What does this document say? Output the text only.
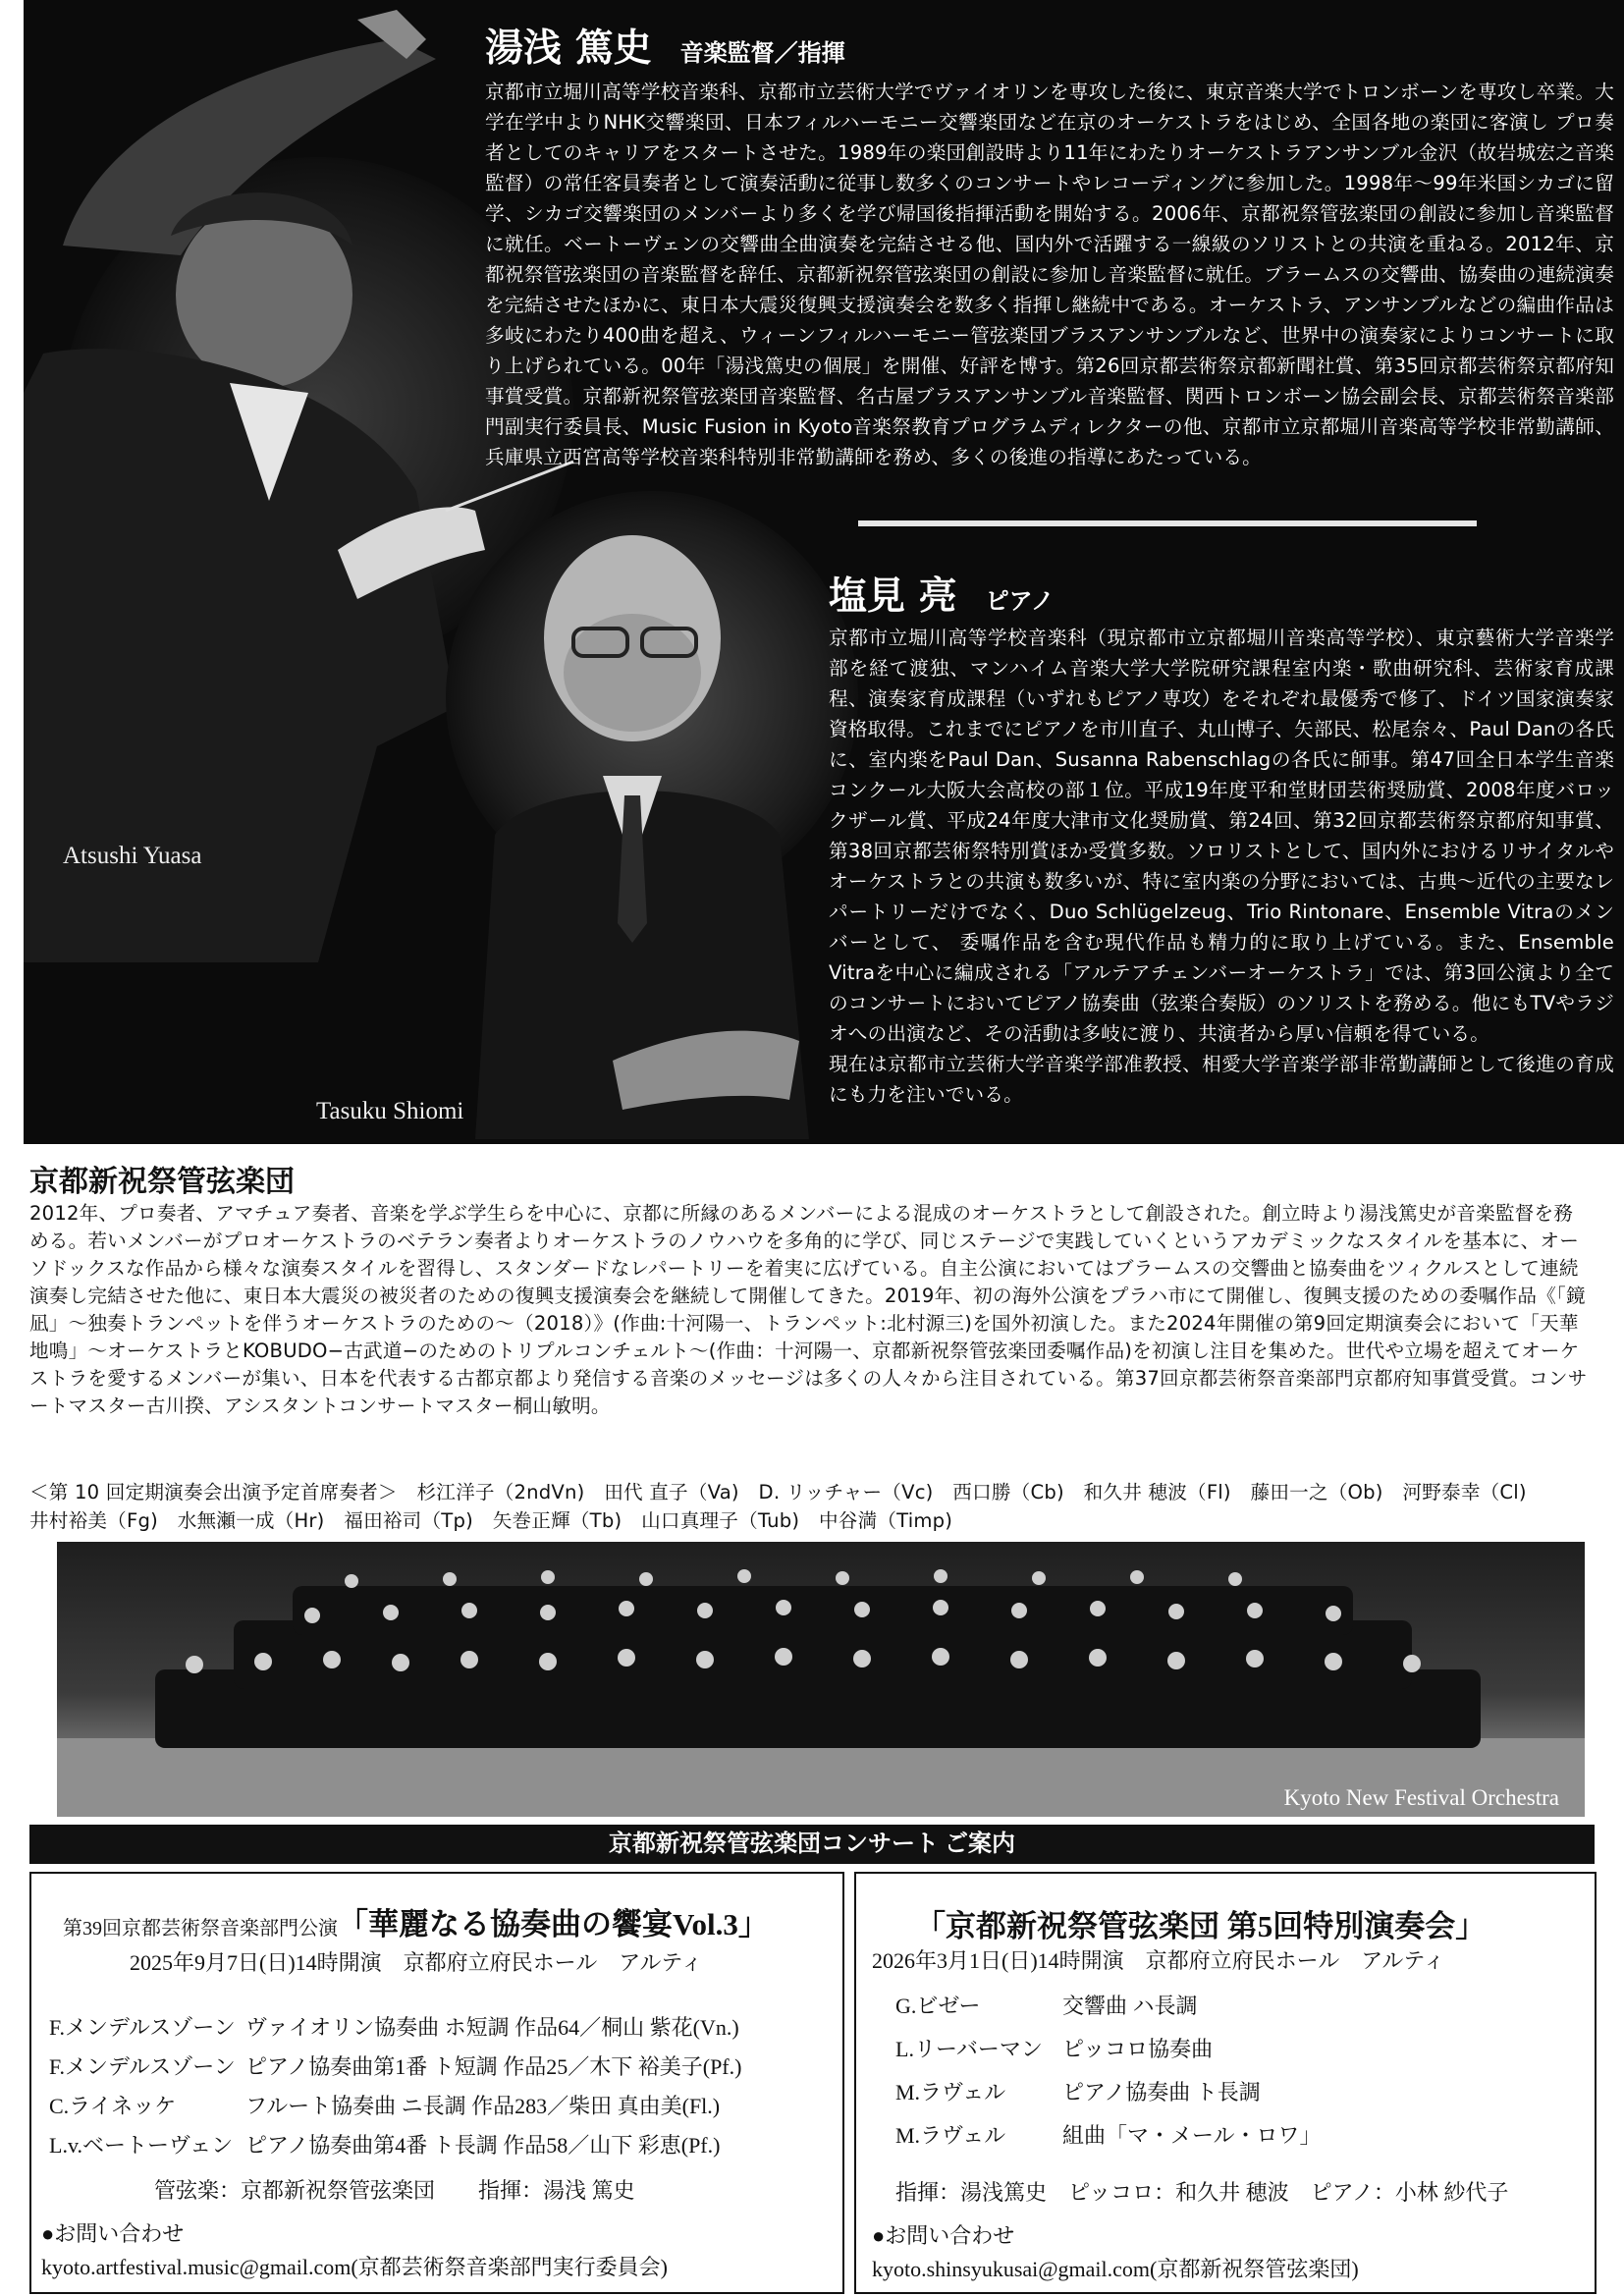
Atsushi Yuasa
Tasuku Shiomi
湯浅 篤史 音楽監督／指揮
京都市立堀川高等学校音楽科、京都市立芸術大学でヴァイオリンを専攻した後に、東京音楽大学でトロンボーンを専攻し卒業。大学在学中よりNHK交響楽団、日本フィルハーモニー交響楽団など在京のオーケストラをはじめ、全国各地の楽団に客演し プロ奏者としてのキャリアをスタートさせた。1989年の楽団創設時より11年にわたりオーケストラアンサンブル金沢（故岩城宏之音楽監督）の常任客員奏者として演奏活動に従事し数多くのコンサートやレコーディングに参加した。1998年〜99年米国シカゴに留学、シカゴ交響楽団のメンバーより多くを学び帰国後指揮活動を開始する。2006年、京都祝祭管弦楽団の創設に参加し音楽監督に就任。ベートーヴェンの交響曲全曲演奏を完結させる他、国内外で活躍する一線級のソリストとの共演を重ねる。2012年、京都祝祭管弦楽団の音楽監督を辞任、京都新祝祭管弦楽団の創設に参加し音楽監督に就任。ブラームスの交響曲、協奏曲の連続演奏を完結させたほかに、東日本大震災復興支援演奏会を数多く指揮し継続中である。オーケストラ、アンサンブルなどの編曲作品は多岐にわたり400曲を超え、ウィーンフィルハーモニー管弦楽団ブラスアンサンブルなど、世界中の演奏家によりコンサートに取り上げられている。00年「湯浅篤史の個展」を開催、好評を博す。第26回京都芸術祭京都新聞社賞、第35回京都芸術祭京都府知事賞受賞。京都新祝祭管弦楽団音楽監督、名古屋ブラスアンサンブル音楽監督、関西トロンボーン協会副会長、京都芸術祭音楽部門副実行委員長、Music Fusion in Kyoto音楽祭教育プログラムディレクターの他、京都市立京都堀川音楽高等学校非常勤講師、兵庫県立西宮高等学校音楽科特別非常勤講師を務め、多くの後進の指導にあたっている。
塩見 亮 ピアノ
京都市立堀川高等学校音楽科（現京都市立京都堀川音楽高等学校）、東京藝術大学音楽学部を経て渡独、マンハイム音楽大学大学院研究課程室内楽・歌曲研究科、芸術家育成課程、演奏家育成課程（いずれもピアノ専攻）をそれぞれ最優秀で修了、ドイツ国家演奏家資格取得。これまでにピアノを市川直子、丸山博子、矢部民、松尾奈々、Paul Danの各氏に、室内楽をPaul Dan、Susanna Rabenschlagの各氏に師事。第47回全日本学生音楽コンクール大阪大会高校の部１位。平成19年度平和堂財団芸術奨励賞、2008年度バロックザール賞、平成24年度大津市文化奨励賞、第24回、第32回京都芸術祭京都府知事賞、第38回京都芸術祭特別賞ほか受賞多数。ソロリストとして、国内外におけるリサイタルやオーケストラとの共演も数多いが、特に室内楽の分野においては、古典〜近代の主要なレパートリーだけでなく、Duo Schlügelzeug、Trio Rintonare、Ensemble Vitraのメンバーとして、 委嘱作品を含む現代作品も精力的に取り上げている。また、Ensemble Vitraを中心に編成される「アルテアチェンバーオーケストラ」では、第3回公演より全てのコンサートにおいてピアノ協奏曲（弦楽合奏版）のソリストを務める。他にもTVやラジオへの出演など、その活動は多岐に渡り、共演者から厚い信頼を得ている。
現在は京都市立芸術大学音楽学部准教授、相愛大学音楽学部非常勤講師として後進の育成にも力を注いでいる。
京都新祝祭管弦楽団
2012年、プロ奏者、アマチュア奏者、音楽を学ぶ学生らを中心に、京都に所縁のあるメンバーによる混成のオーケストラとして創設された。創立時より湯浅篤史が音楽監督を務める。若いメンバーがプロオーケストラのベテラン奏者よりオーケストラのノウハウを多角的に学び、同じステージで実践していくというアカデミックなスタイルを基本に、オーソドックスな作品から様々な演奏スタイルを習得し、スタンダードなレパートリーを着実に広げている。自主公演においてはブラームスの交響曲と協奏曲をツィクルスとして連続演奏し完結させた他に、東日本大震災の被災者のための復興支援演奏会を継続して開催してきた。2019年、初の海外公演をプラハ市にて開催し、復興支援のための委嘱作品《「鏡凪」〜独奏トランペットを伴うオーケストラのための〜（2018）》(作曲:十河陽一、トランペット:北村源三)を国外初演した。また2024年開催の第9回定期演奏会において「天華地鳴」〜オーケストラとKOBUDO−古武道−のためのトリプルコンチェルト〜(作曲：十河陽一、京都新祝祭管弦楽団委嘱作品)を初演し注目を集めた。世代や立場を超えてオーケストラを愛するメンバーが集い、日本を代表する古都京都より発信する音楽のメッセージは多くの人々から注目されている。第37回京都芸術祭音楽部門京都府知事賞受賞。コンサートマスター古川揆、アシスタントコンサートマスター桐山敏明。
＜第 10 回定期演奏会出演予定首席奏者＞　杉江洋子（2ndVn)　田代 直子（Va)　D. リッチャー（Vc)　西口勝（Cb)　和久井 穂波（Fl)　藤田一之（Ob)　河野泰幸（Cl)
井村裕美（Fg)　水無瀬一成（Hr)　福田裕司（Tp)　矢巻正輝（Tb)　山口真理子（Tub)　中谷満（Timp)
Kyoto New Festival Orchestra
京都新祝祭管弦楽団コンサート ご案内
第39回京都芸術祭音楽部門公演「華麗なる協奏曲の饗宴Vol.3」
2025年9月7日(日)14時開演　京都府立府民ホール　アルティ
F.メンデルスゾーン ヴァイオリン協奏曲 ホ短調 作品64／桐山 紫花(Vn.)
F.メンデルスゾーン ピアノ協奏曲第1番 ト短調 作品25／木下 裕美子(Pf.)
C.ライネッケ	フルート協奏曲 ニ長調 作品283／柴田 真由美(Fl.)
L.v.ベートーヴェン ピアノ協奏曲第4番 ト長調 作品58／山下 彩恵(Pf.)
管弦楽：京都新祝祭管弦楽団　　指揮：湯浅 篤史
●お問い合わせ
kyoto.artfestival.music@gmail.com(京都芸術祭音楽部門実行委員会)
「京都新祝祭管弦楽団 第5回特別演奏会」
2026年3月1日(日)14時開演　京都府立府民ホール　アルティ
G.ビゼー	交響曲 ハ長調
L.リーバーマン ピッコロ協奏曲
M.ラヴェル	ピアノ協奏曲 ト長調
M.ラヴェル	組曲「マ・メール・ロワ」
指揮：湯浅篤史　ピッコロ：和久井 穂波　ピアノ：小林 紗代子
●お問い合わせ
kyoto.shinsyukusai@gmail.com(京都新祝祭管弦楽団)
